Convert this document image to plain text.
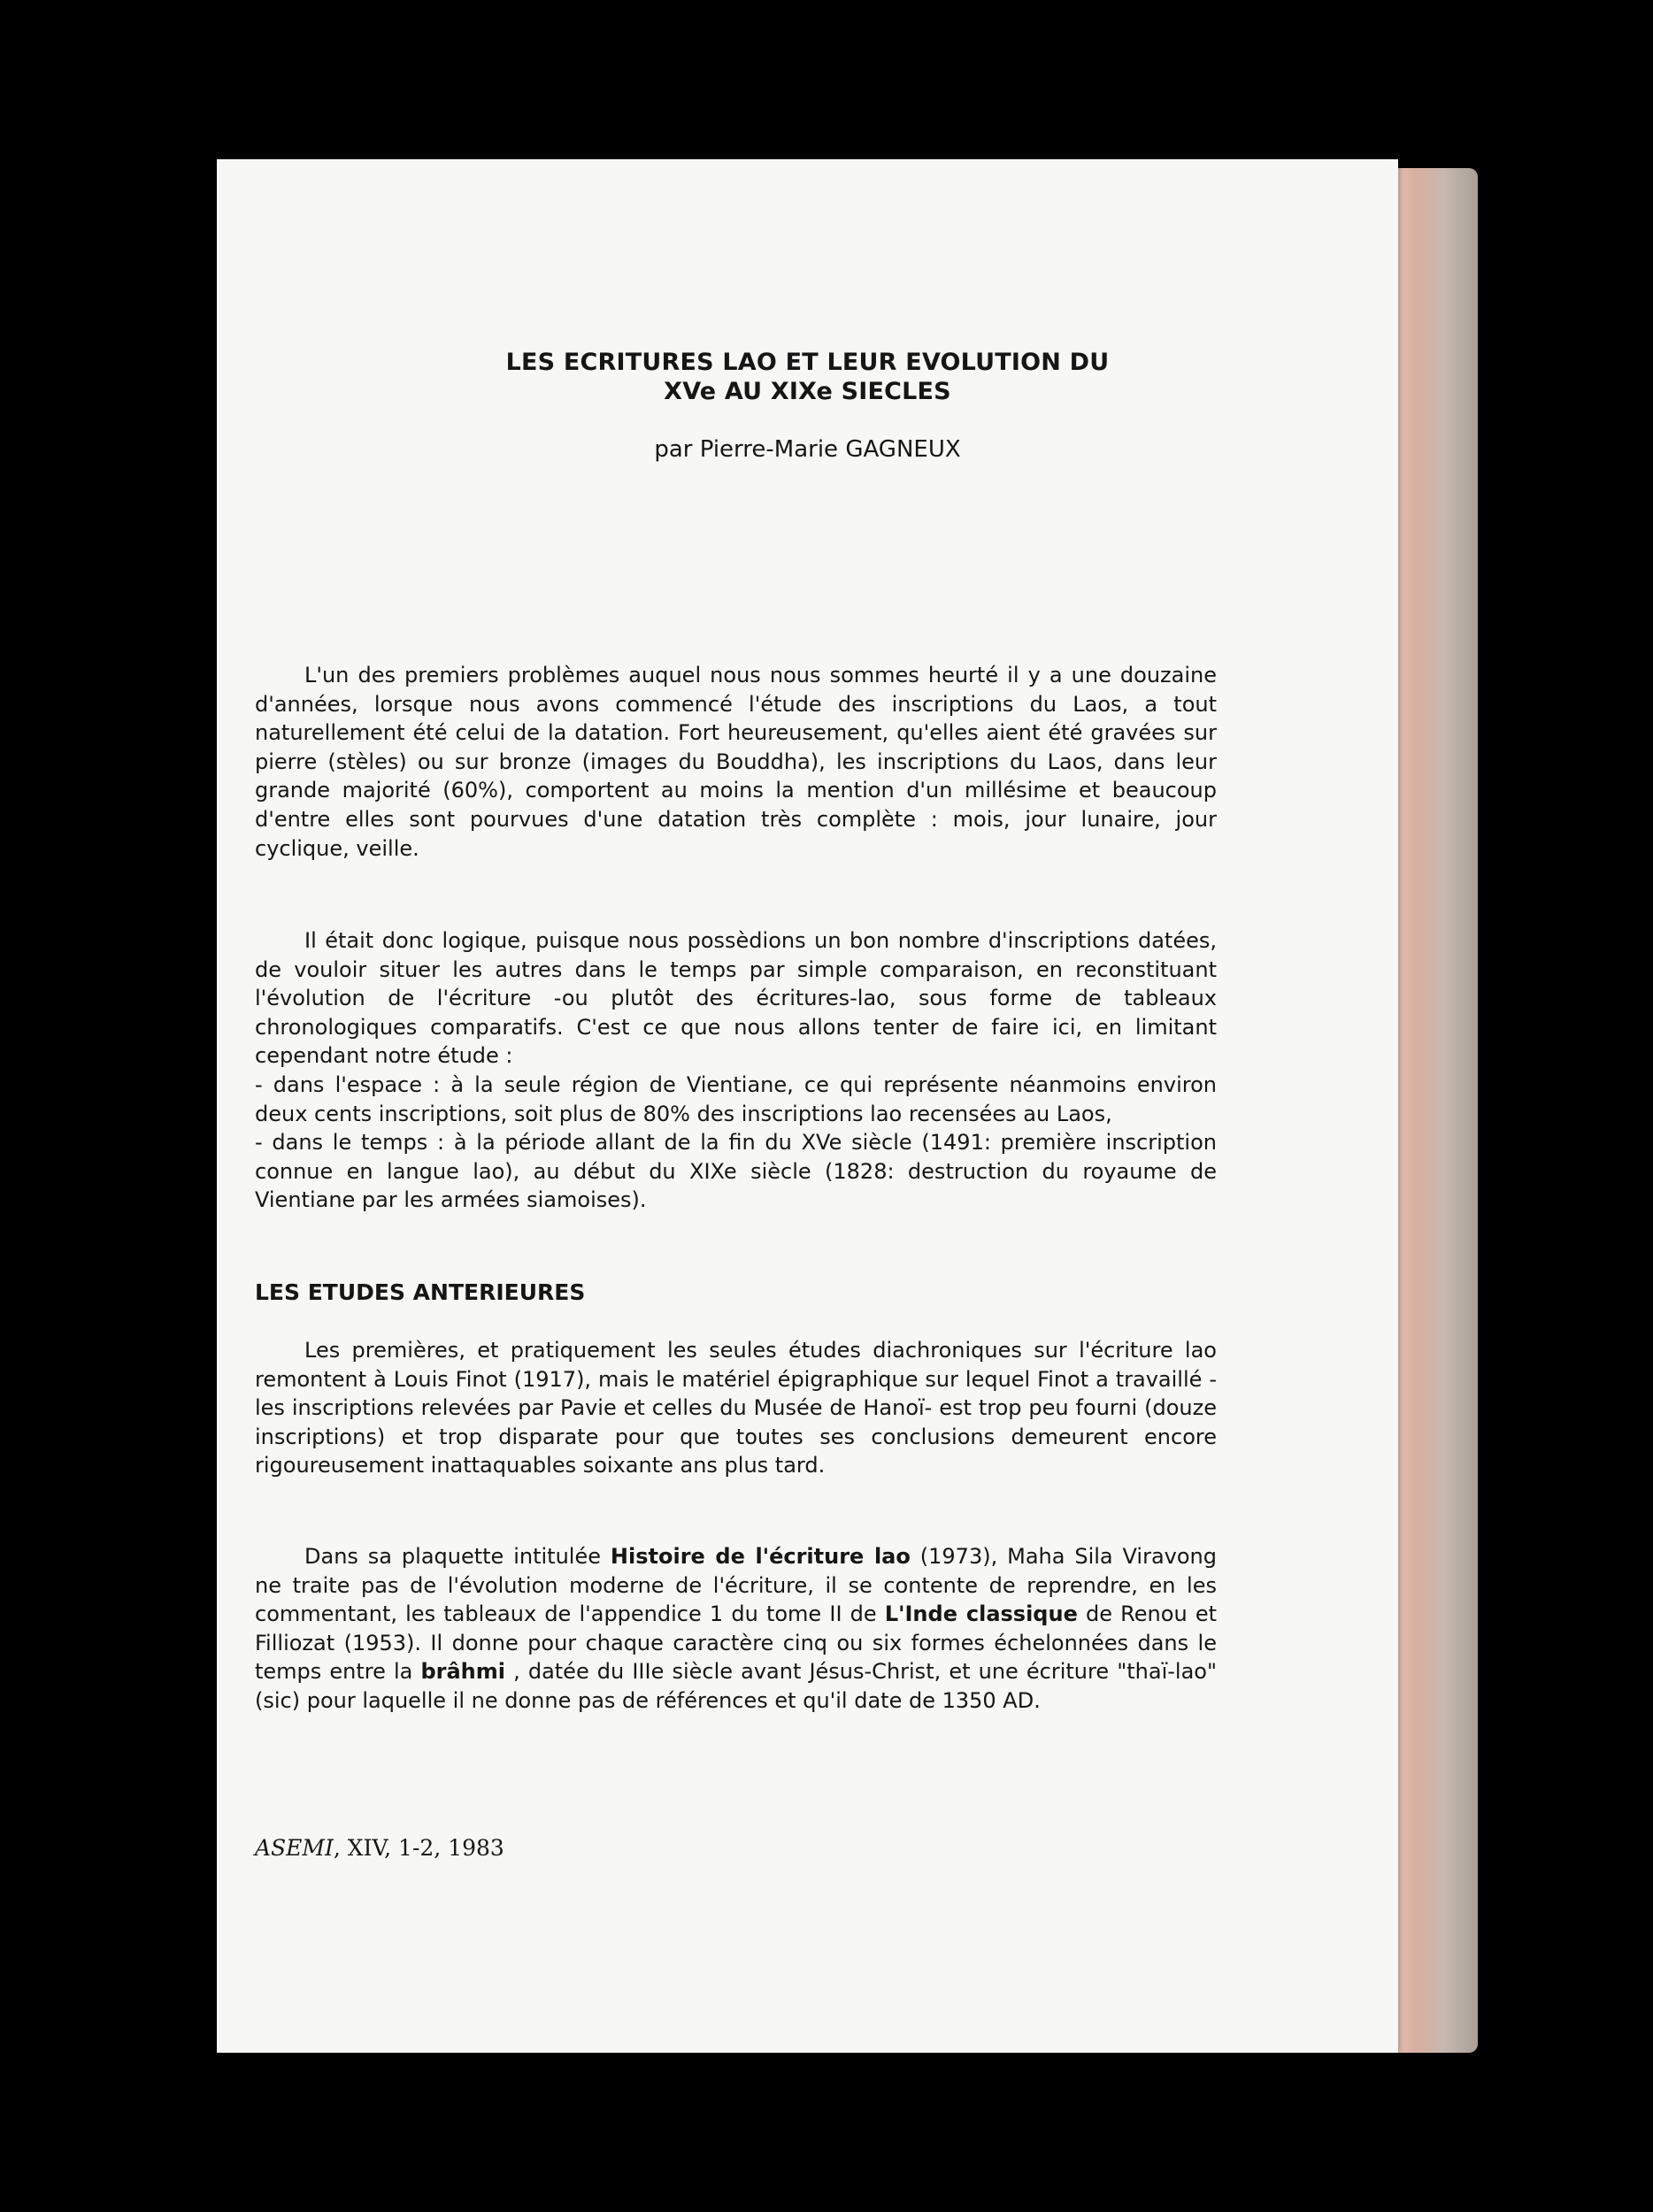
LES ECRITURES LAO ET LEUR EVOLUTION DU
XVe AU XIXe SIECLES
par Pierre-Marie GAGNEUX

L'un des premiers problèmes auquel nous nous sommes heurté il y a une douzaine d'années, lorsque nous avons commencé l'étude des inscriptions du Laos, a tout naturellement été celui de la datation. Fort heureusement, qu'elles aient été gravées sur pierre (stèles) ou sur bronze (images du Bouddha), les inscriptions du Laos, dans leur grande majorité (60%), comportent au moins la mention d'un millésime et beaucoup d'entre elles sont pourvues d'une datation très complète : mois, jour lunaire, jour cyclique, veille.

Il était donc logique, puisque nous possèdions un bon nombre d'inscriptions datées, de vouloir situer les autres dans le temps par simple comparaison, en reconstituant l'évolution de l'écriture -ou plutôt des écritures-lao, sous forme de tableaux chronologiques comparatifs. C'est ce que nous allons tenter de faire ici, en limitant cependant notre étude :

- dans l'espace : à la seule région de Vientiane, ce qui représente néanmoins environ deux cents inscriptions, soit plus de 80% des inscriptions lao recensées au Laos,

- dans le temps : à la période allant de la fin du XVe siècle (1491: première inscription connue en langue lao), au début du XIXe siècle (1828: destruction du royaume de Vientiane par les armées siamoises).

LES ETUDES ANTERIEURES

Les premières, et pratiquement les seules études diachroniques sur l'écriture lao remontent à Louis Finot (1917), mais le matériel épigraphique sur lequel Finot a travaillé -les inscriptions relevées par Pavie et celles du Musée de Hanoï- est trop peu fourni (douze inscriptions) et trop disparate pour que toutes ses conclusions demeurent encore rigoureusement inattaquables soixante ans plus tard.

Dans sa plaquette intitulée Histoire de l'écriture lao (1973), Maha Sila Viravong ne traite pas de l'évolution moderne de l'écriture, il se contente de reprendre, en les commentant, les tableaux de l'appendice 1 du tome II de L'Inde classique de Renou et Filliozat (1953). Il donne pour chaque caractère cinq ou six formes échelonnées dans le temps entre la brâhmi , datée du IIIe siècle avant Jésus-Christ, et une écriture "thaï-lao" (sic) pour laquelle il ne donne pas de références et qu'il date de 1350 AD.

ASEMI, XIV, 1-2, 1983
